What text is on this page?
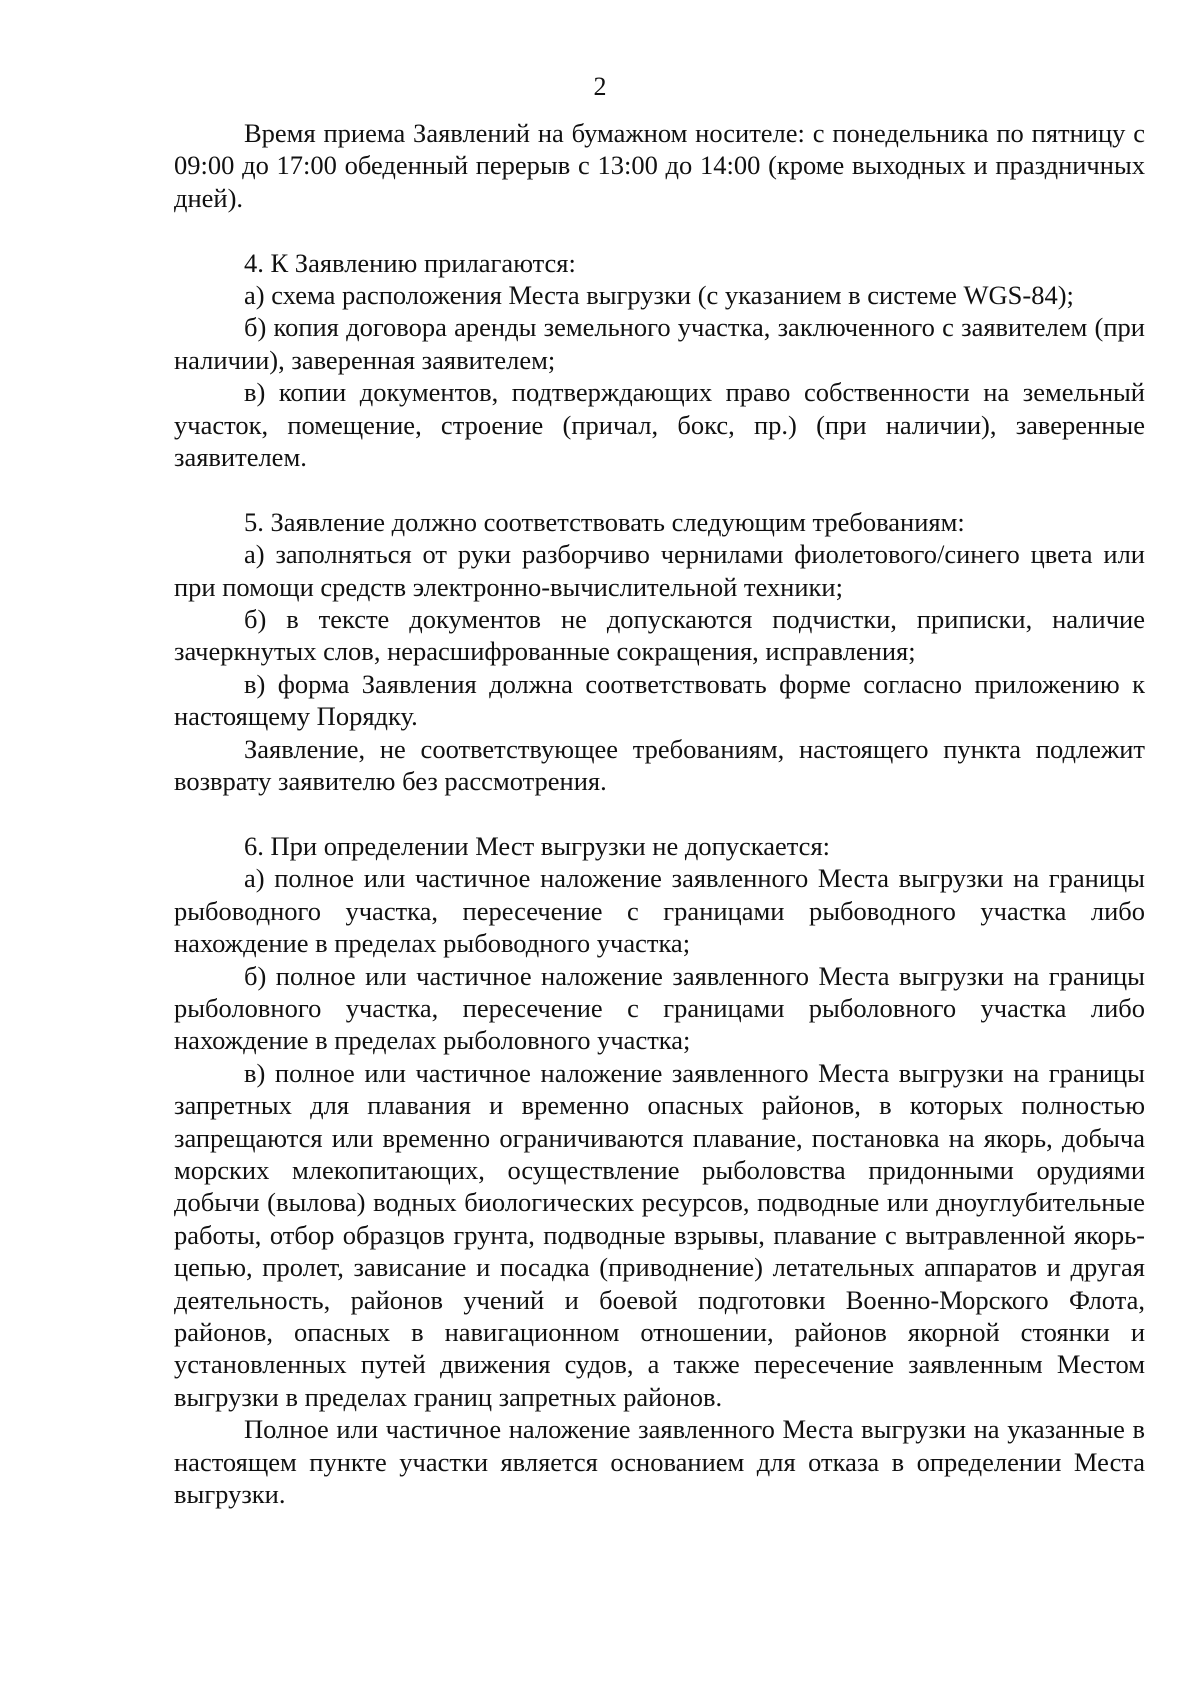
2

Время приема Заявлений на бумажном носителе: с понедельника по пятницу с 09:00 до 17:00 обеденный перерыв с 13:00 до 14:00 (кроме выходных и праздничных дней).

4. К Заявлению прилагаются:

а) схема расположения Места выгрузки (с указанием в системе WGS-84);

б) копия договора аренды земельного участка, заключенного с заявителем (при наличии), заверенная заявителем;

в) копии документов, подтверждающих право собственности на земельный участок, помещение, строение (причал, бокс, пр.) (при наличии), заверенные заявителем.

5. Заявление должно соответствовать следующим требованиям:

а) заполняться от руки разборчиво чернилами фиолетового/синего цвета или при помощи средств электронно-вычислительной техники;

б) в тексте документов не допускаются подчистки, приписки, наличие зачеркнутых слов, нерасшифрованные сокращения, исправления;

в) форма Заявления должна соответствовать форме согласно приложению к настоящему Порядку.

Заявление, не соответствующее требованиям, настоящего пункта подлежит возврату заявителю без рассмотрения.

6. При определении Мест выгрузки не допускается:

а) полное или частичное наложение заявленного Места выгрузки на границы рыбоводного участка, пересечение с границами рыбоводного участка либо нахождение в пределах рыбоводного участка;

б) полное или частичное наложение заявленного Места выгрузки на границы рыболовного участка, пересечение с границами рыболовного участка либо нахождение в пределах рыболовного участка;

в) полное или частичное наложение заявленного Места выгрузки на границы запретных для плавания и временно опасных районов, в которых полностью запрещаются или временно ограничиваются плавание, постановка на якорь, добыча морских млекопитающих, осуществление рыболовства придонными орудиями добычи (вылова) водных биологических ресурсов, подводные или дноуглубительные работы, отбор образцов грунта, подводные взрывы, плавание с вытравленной якорь-цепью, пролет, зависание и посадка (приводнение) летательных аппаратов и другая деятельность, районов учений и боевой подготовки Военно-Морского Флота, районов, опасных в навигационном отношении, районов якорной стоянки и установленных путей движения судов, а также пересечение заявленным Местом выгрузки в пределах границ запретных районов.

Полное или частичное наложение заявленного Места выгрузки на указанные в настоящем пункте участки является основанием для отказа в определении Места выгрузки.
